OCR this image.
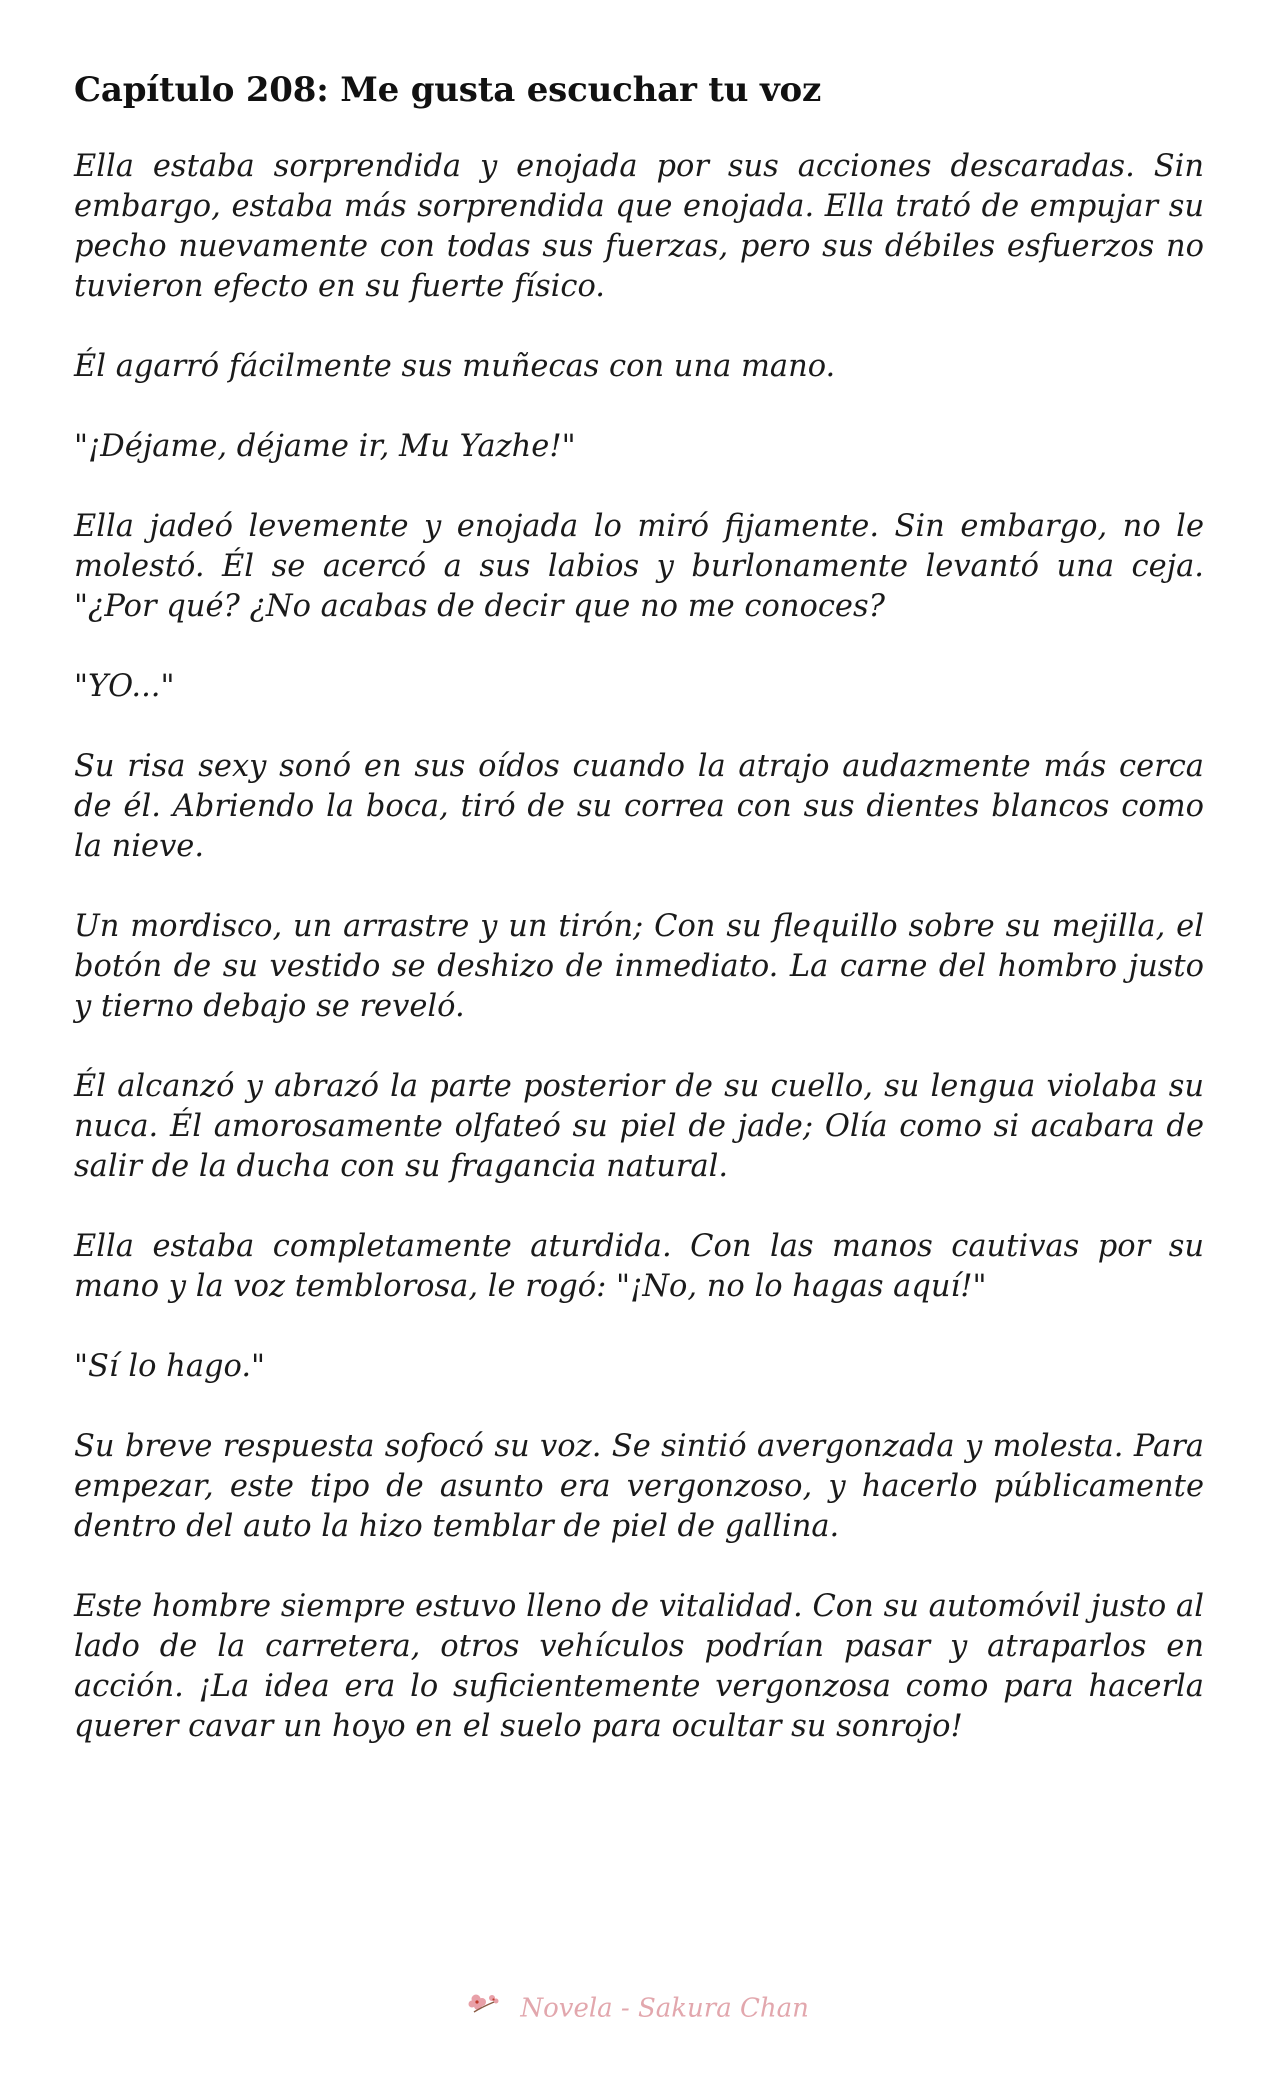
Capítulo 208: Me gusta escuchar tu voz

Ella estaba sorprendida y enojada por sus acciones descaradas. Sin embargo, estaba más sorprendida que enojada. Ella trató de empujar su pecho nuevamente con todas sus fuerzas, pero sus débiles esfuerzos no tuvieron efecto en su fuerte físico.

Él agarró fácilmente sus muñecas con una mano.

"¡Déjame, déjame ir, Mu Yazhe!"

Ella jadeó levemente y enojada lo miró fijamente. Sin embargo, no le molestó. Él se acercó a sus labios y burlonamente levantó una ceja. "¿Por qué? ¿No acabas de decir que no me conoces?

"YO..."

Su risa sexy sonó en sus oídos cuando la atrajo audazmente más cerca de él. Abriendo la boca, tiró de su correa con sus dientes blancos como la nieve.

Un mordisco, un arrastre y un tirón; Con su flequillo sobre su mejilla, el botón de su vestido se deshizo de inmediato. La carne del hombro justo y tierno debajo se reveló.

Él alcanzó y abrazó la parte posterior de su cuello, su lengua violaba su nuca. Él amorosamente olfateó su piel de jade; Olía como si acabara de salir de la ducha con su fragancia natural.

Ella estaba completamente aturdida. Con las manos cautivas por su mano y la voz temblorosa, le rogó: "¡No, no lo hagas aquí!"

"Sí lo hago."

Su breve respuesta sofocó su voz. Se sintió avergonzada y molesta. Para empezar, este tipo de asunto era vergonzoso, y hacerlo públicamente dentro del auto la hizo temblar de piel de gallina.

Este hombre siempre estuvo lleno de vitalidad. Con su automóvil justo al lado de la carretera, otros vehículos podrían pasar y atraparlos en acción. ¡La idea era lo suficientemente vergonzosa como para hacerla querer cavar un hoyo en el suelo para ocultar su sonrojo!

Novela - Sakura Chan
